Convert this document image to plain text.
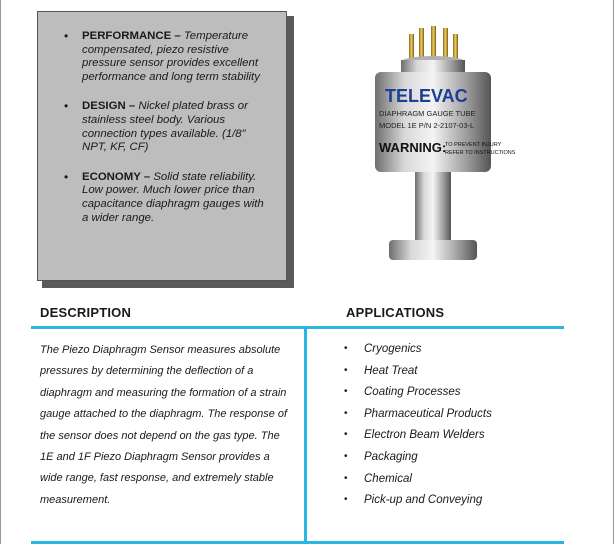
• PERFORMANCE – Temperature compensated, piezo resistive pressure sensor provides excellent performance and long term stability
• DESIGN – Nickel plated brass or stainless steel body. Various connection types available. (1/8” NPT, KF, CF)
• ECONOMY – Solid state reliability. Low power. Much lower price than capacitance diaphragm gauges with a wider range.
TELEVAC
DIAPHRAGM GAUGE TUBE
MODEL 1E P/N 2-2107-03-L
WARNING:
TO PREVENT INJURY
REFER TO INSTRUCTIONS
DESCRIPTION	APPLICATIONS
The Piezo Diaphragm Sensor measures absolute pressures by determining the deflection of a diaphragm and measuring the formation of a strain gauge attached to the diaphragm. The response of the sensor does not depend on the gas type. The 1E and 1F Piezo Diaphragm Sensor provides a wide range, fast response, and extremely stable measurement.
• Cryogenics
• Heat Treat
• Coating Processes
• Pharmaceutical Products
• Electron Beam Welders
• Packaging
• Chemical
• Pick-up and Conveying
